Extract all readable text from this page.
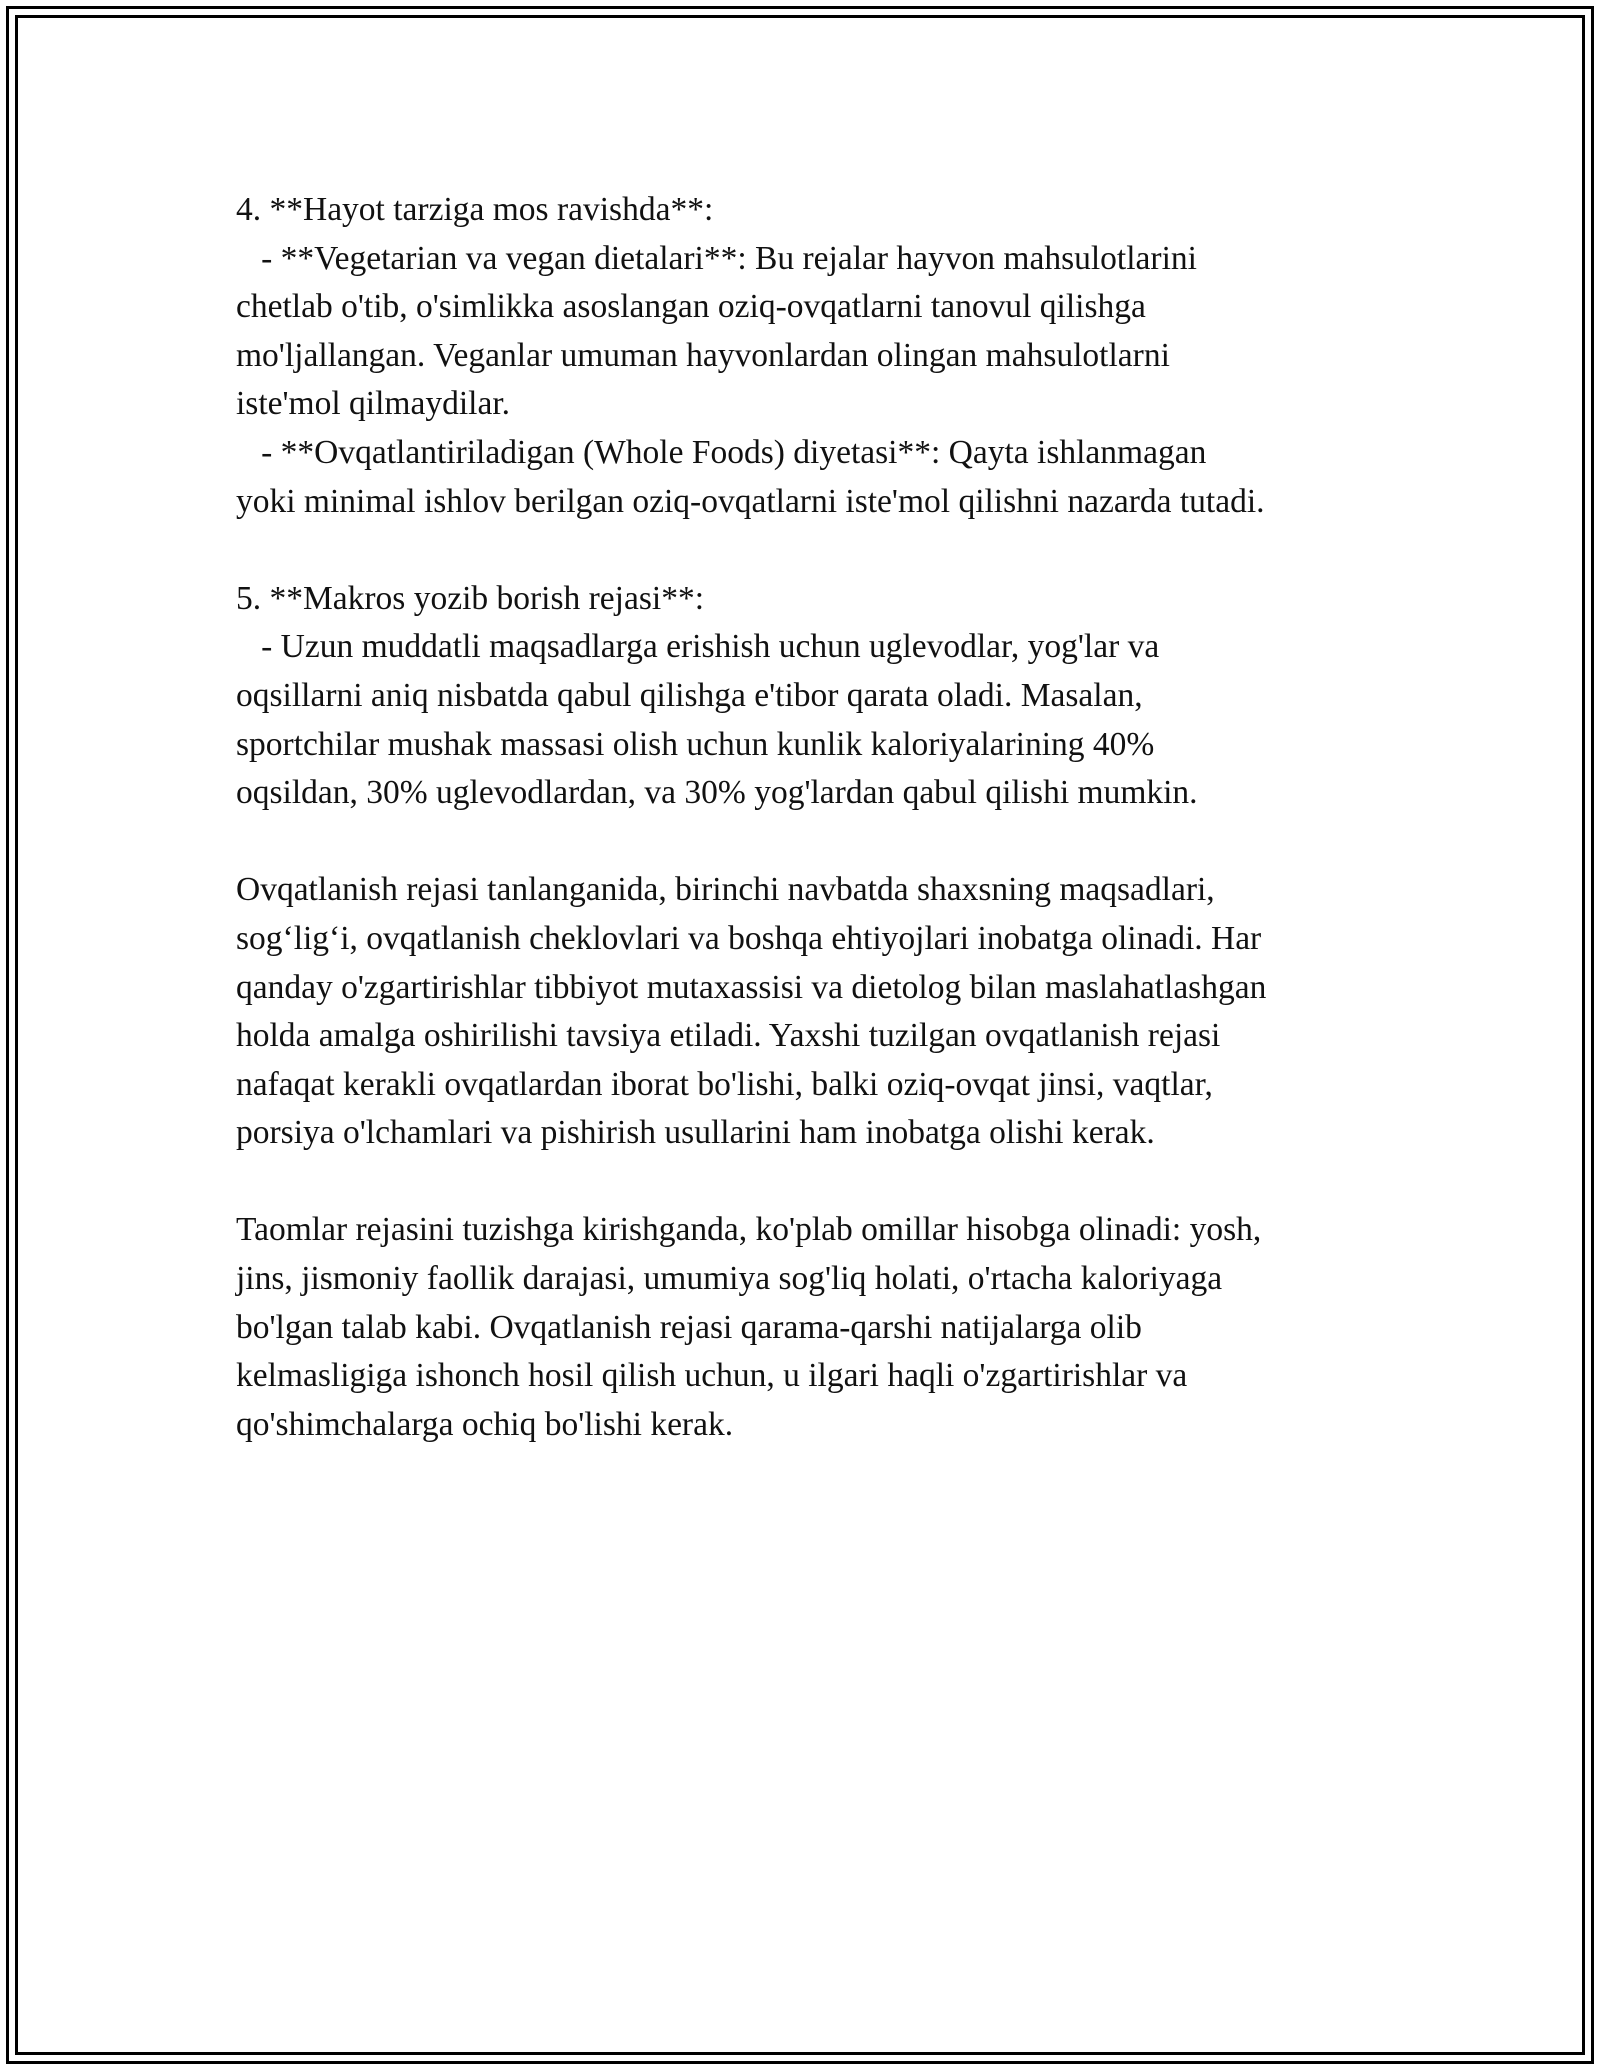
4. **Hayot tarziga mos ravishda**:
- **Vegetarian va vegan dietalari**: Bu rejalar hayvon mahsulotlarini
chetlab o'tib, o'simlikka asoslangan oziq-ovqatlarni tanovul qilishga
mo'ljallangan. Veganlar umuman hayvonlardan olingan mahsulotlarni
iste'mol qilmaydilar.
- **Ovqatlantiriladigan (Whole Foods) diyetasi**: Qayta ishlanmagan
yoki minimal ishlov berilgan oziq-ovqatlarni iste'mol qilishni nazarda tutadi.
5. **Makros yozib borish rejasi**:
- Uzun muddatli maqsadlarga erishish uchun uglevodlar, yog'lar va
oqsillarni aniq nisbatda qabul qilishga e'tibor qarata oladi. Masalan,
sportchilar mushak massasi olish uchun kunlik kaloriyalarining 40%
oqsildan, 30% uglevodlardan, va 30% yog'lardan qabul qilishi mumkin.
Ovqatlanish rejasi tanlanganida, birinchi navbatda shaxsning maqsadlari,
sog‘lig‘i, ovqatlanish cheklovlari va boshqa ehtiyojlari inobatga olinadi. Har
qanday o'zgartirishlar tibbiyot mutaxassisi va dietolog bilan maslahatlashgan
holda amalga oshirilishi tavsiya etiladi. Yaxshi tuzilgan ovqatlanish rejasi
nafaqat kerakli ovqatlardan iborat bo'lishi, balki oziq-ovqat jinsi, vaqtlar,
porsiya o'lchamlari va pishirish usullarini ham inobatga olishi kerak.
Taomlar rejasini tuzishga kirishganda, ko'plab omillar hisobga olinadi: yosh,
jins, jismoniy faollik darajasi, umumiya sog'liq holati, o'rtacha kaloriyaga
bo'lgan talab kabi. Ovqatlanish rejasi qarama-qarshi natijalarga olib
kelmasligiga ishonch hosil qilish uchun, u ilgari haqli o'zgartirishlar va
qo'shimchalarga ochiq bo'lishi kerak.
